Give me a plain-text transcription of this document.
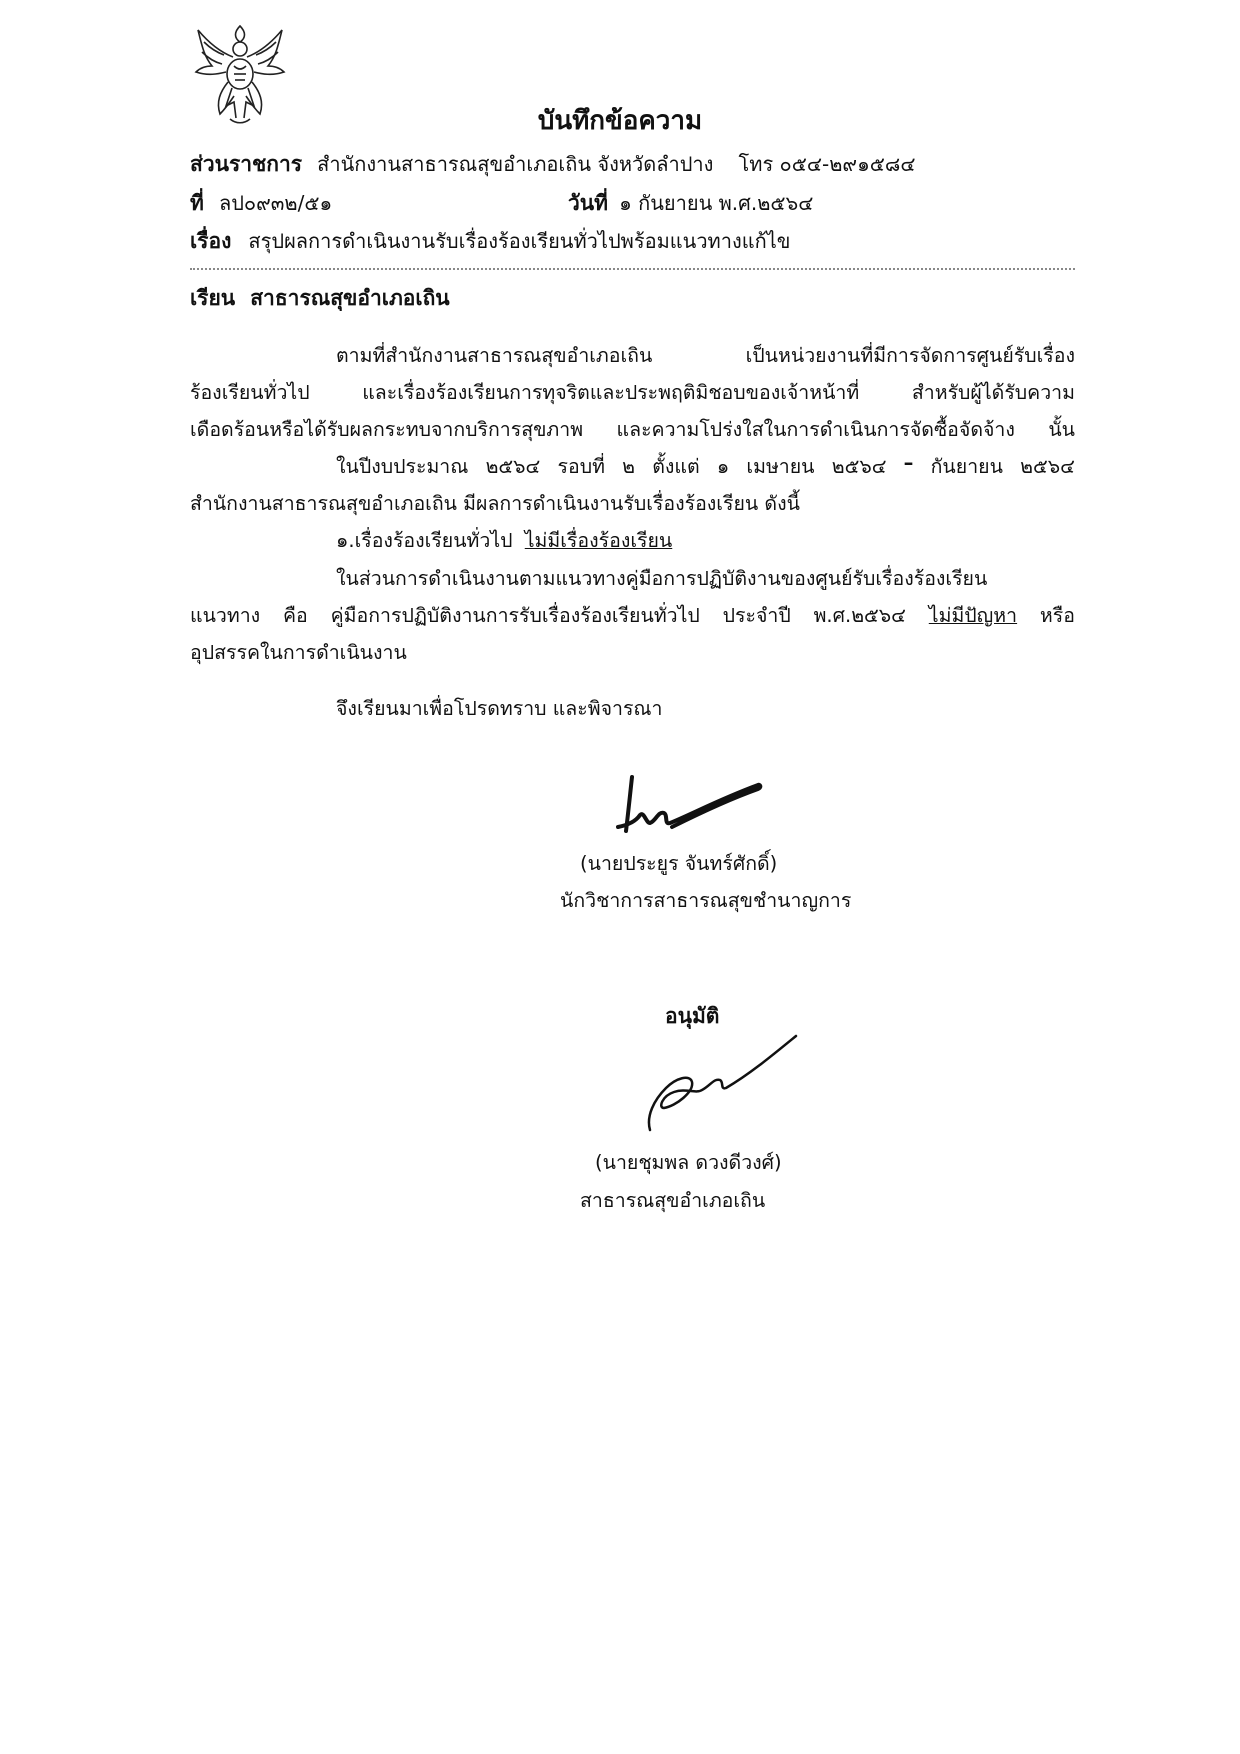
บันทึกข้อความ
ส่วนราชการ สำนักงานสาธารณสุขอำเภอเถิน จังหวัดลำปาง โทร ๐๕๔-๒๙๑๕๘๔
ที่ ลป๐๙๓๒/๕๑	วันที่ ๑ กันยายน พ.ศ.๒๕๖๔
เรื่อง สรุปผลการดำเนินงานรับเรื่องร้องเรียนทั่วไปพร้อมแนวทางแก้ไข
เรียน สาธารณสุขอำเภอเถิน
ตามที่สำนักงานสาธารณสุขอำเภอเถิน	เป็นหน่วยงานที่มีการจัดการศูนย์รับเรื่อง
ร้องเรียนทั่วไป	และเรื่องร้องเรียนการทุจริตและประพฤติมิชอบของเจ้าหน้าที่	สำหรับผู้ได้รับความ
เดือดร้อนหรือได้รับผลกระทบจากบริการสุขภาพ และความโปร่งใสในการดำเนินการจัดซื้อจัดจ้าง นั้น
ในปีงบประมาณ ๒๕๖๔ รอบที่ ๒ ตั้งแต่ ๑ เมษายน ๒๕๖๔ – กันยายน ๒๕๖๔
สำนักงานสาธารณสุขอำเภอเถิน มีผลการดำเนินงานรับเรื่องร้องเรียน ดังนี้
๑.เรื่องร้องเรียนทั่วไป ไม่มีเรื่องร้องเรียน
ในส่วนการดำเนินงานตามแนวทางคู่มือการปฏิบัติงานของศูนย์รับเรื่องร้องเรียน
แนวทาง คือ คู่มือการปฏิบัติงานการรับเรื่องร้องเรียนทั่วไป ประจำปี พ.ศ.๒๕๖๔ ไม่มีปัญหา หรือ
อุปสรรคในการดำเนินงาน
จึงเรียนมาเพื่อโปรดทราบ และพิจารณา
(นายประยูร จันทร์ศักดิ์)
นักวิชาการสาธารณสุขชำนาญการ
อนุมัติ
(นายชุมพล ดวงดีวงศ์)
สาธารณสุขอำเภอเถิน
